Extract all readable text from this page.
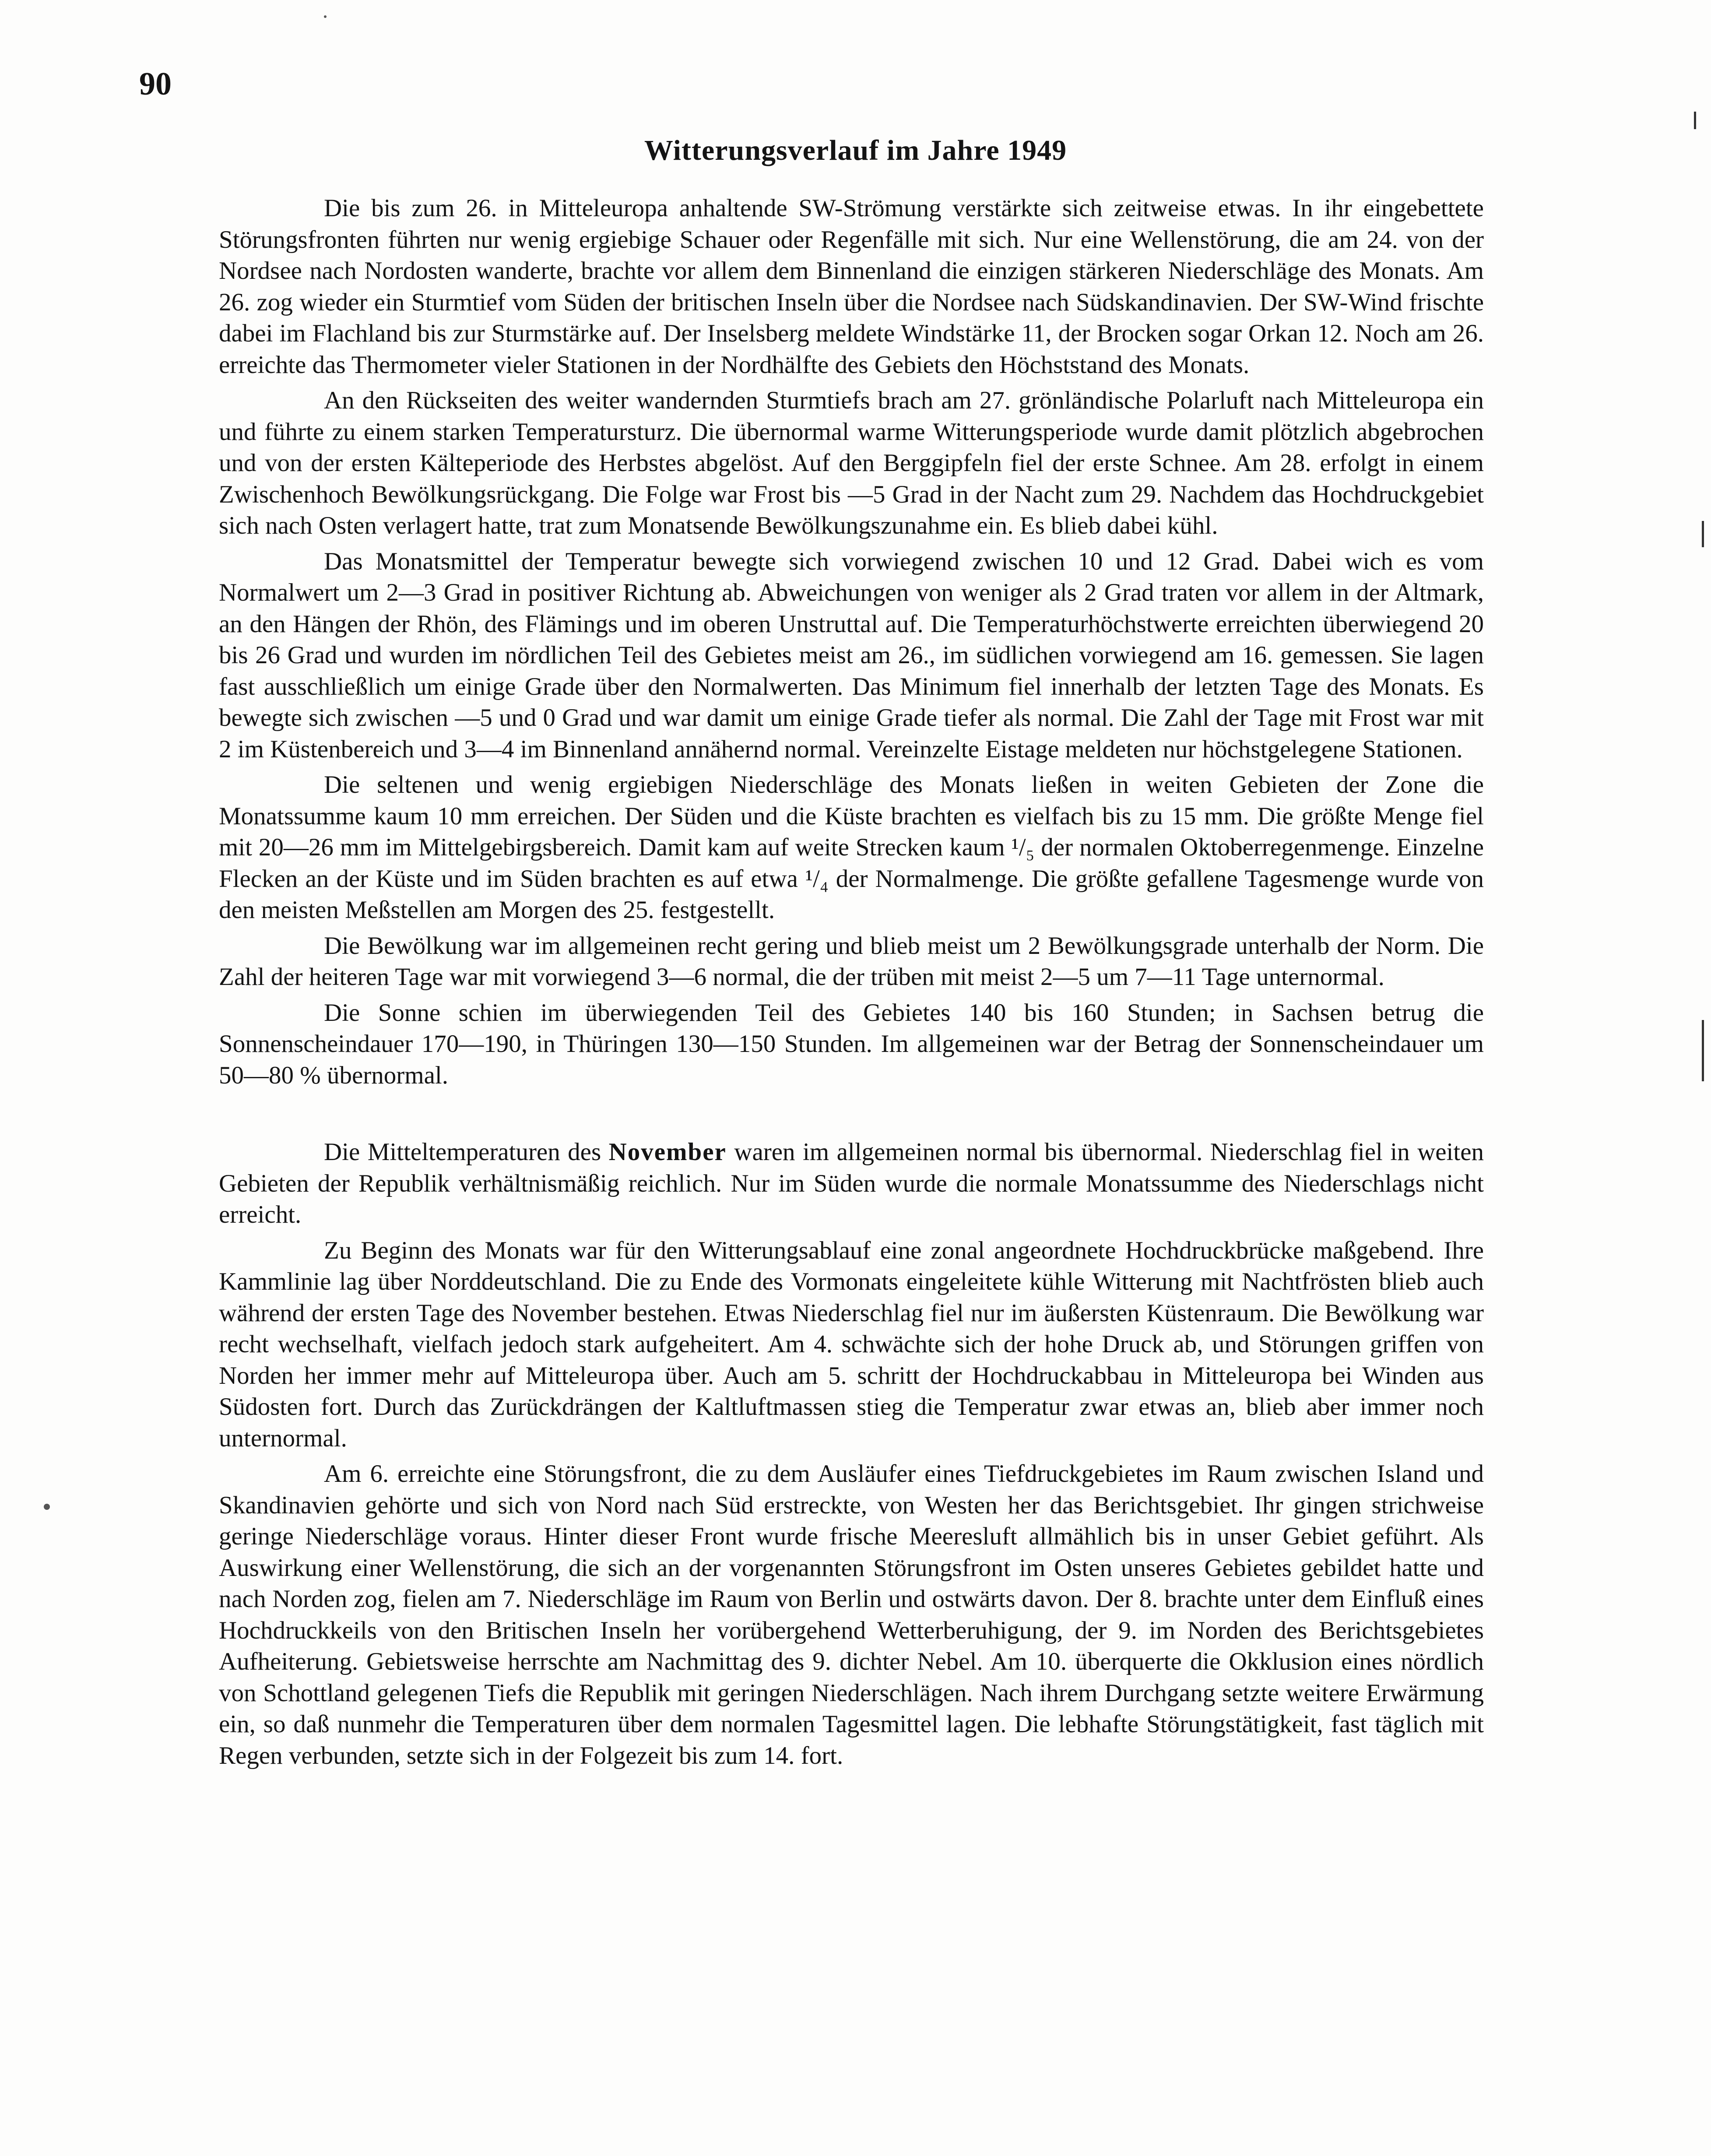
90
Witterungsverlauf im Jahre 1949

Die bis zum 26. in Mitteleuropa anhaltende SW-Strömung verstärkte sich zeitweise etwas. In ihr eingebettete Störungsfronten führten nur wenig ergiebige Schauer oder Regenfälle mit sich. Nur eine Wellenstörung, die am 24. von der Nordsee nach Nordosten wanderte, brachte vor allem dem Binnenland die einzigen stärkeren Niederschläge des Monats. Am 26. zog wieder ein Sturmtief vom Süden der britischen Inseln über die Nordsee nach Südskandinavien. Der SW-Wind frischte dabei im Flachland bis zur Sturmstärke auf. Der Inselsberg meldete Windstärke 11, der Brocken sogar Orkan 12. Noch am 26. erreichte das Thermometer vieler Stationen in der Nordhälfte des Gebiets den Höchststand des Monats.

An den Rückseiten des weiter wandernden Sturmtiefs brach am 27. grönländische Polarluft nach Mitteleuropa ein und führte zu einem starken Temperatursturz. Die übernormal warme Witterungsperiode wurde damit plötzlich abgebrochen und von der ersten Kälteperiode des Herbstes abgelöst. Auf den Berggipfeln fiel der erste Schnee. Am 28. erfolgt in einem Zwischenhoch Bewölkungsrückgang. Die Folge war Frost bis —5 Grad in der Nacht zum 29. Nachdem das Hochdruckgebiet sich nach Osten verlagert hatte, trat zum Monatsende Bewölkungszunahme ein. Es blieb dabei kühl.

Das Monatsmittel der Temperatur bewegte sich vorwiegend zwischen 10 und 12 Grad. Dabei wich es vom Normalwert um 2—3 Grad in positiver Richtung ab. Abweichungen von weniger als 2 Grad traten vor allem in der Altmark, an den Hängen der Rhön, des Flämings und im oberen Unstruttal auf. Die Temperaturhöchstwerte erreichten überwiegend 20 bis 26 Grad und wurden im nördlichen Teil des Gebietes meist am 26., im südlichen vorwiegend am 16. gemessen. Sie lagen fast ausschließlich um einige Grade über den Normalwerten. Das Minimum fiel innerhalb der letzten Tage des Monats. Es bewegte sich zwischen —5 und 0 Grad und war damit um einige Grade tiefer als normal. Die Zahl der Tage mit Frost war mit 2 im Küstenbereich und 3—4 im Binnenland annähernd normal. Vereinzelte Eistage meldeten nur höchstgelegene Stationen.

Die seltenen und wenig ergiebigen Niederschläge des Monats ließen in weiten Gebieten der Zone die Monatssumme kaum 10 mm erreichen. Der Süden und die Küste brachten es vielfach bis zu 15 mm. Die größte Menge fiel mit 20—26 mm im Mittelgebirgsbereich. Damit kam auf weite Strecken kaum ¹/₅ der normalen Oktoberregenmenge. Einzelne Flecken an der Küste und im Süden brachten es auf etwa ¹/₄ der Normalmenge. Die größte gefallene Tagesmenge wurde von den meisten Meßstellen am Morgen des 25. festgestellt.

Die Bewölkung war im allgemeinen recht gering und blieb meist um 2 Bewölkungsgrade unterhalb der Norm. Die Zahl der heiteren Tage war mit vorwiegend 3—6 normal, die der trüben mit meist 2—5 um 7—11 Tage unternormal.

Die Sonne schien im überwiegenden Teil des Gebietes 140 bis 160 Stunden; in Sachsen betrug die Sonnenscheindauer 170—190, in Thüringen 130—150 Stunden. Im allgemeinen war der Betrag der Sonnenscheindauer um 50—80 % übernormal.

Die Mitteltemperaturen des November waren im allgemeinen normal bis übernormal. Niederschlag fiel in weiten Gebieten der Republik verhältnismäßig reichlich. Nur im Süden wurde die normale Monatssumme des Niederschlags nicht erreicht.

Zu Beginn des Monats war für den Witterungsablauf eine zonal angeordnete Hochdruckbrücke maßgebend. Ihre Kammlinie lag über Norddeutschland. Die zu Ende des Vormonats eingeleitete kühle Witterung mit Nachtfrösten blieb auch während der ersten Tage des November bestehen. Etwas Niederschlag fiel nur im äußersten Küstenraum. Die Bewölkung war recht wechselhaft, vielfach jedoch stark aufgeheitert. Am 4. schwächte sich der hohe Druck ab, und Störungen griffen von Norden her immer mehr auf Mitteleuropa über. Auch am 5. schritt der Hochdruckabbau in Mitteleuropa bei Winden aus Südosten fort. Durch das Zurückdrängen der Kaltluftmassen stieg die Temperatur zwar etwas an, blieb aber immer noch unternormal.

Am 6. erreichte eine Störungsfront, die zu dem Ausläufer eines Tiefdruckgebietes im Raum zwischen Island und Skandinavien gehörte und sich von Nord nach Süd erstreckte, von Westen her das Berichtsgebiet. Ihr gingen strichweise geringe Niederschläge voraus. Hinter dieser Front wurde frische Meeresluft allmählich bis in unser Gebiet geführt. Als Auswirkung einer Wellenstörung, die sich an der vorgenannten Störungsfront im Osten unseres Gebietes gebildet hatte und nach Norden zog, fielen am 7. Niederschläge im Raum von Berlin und ostwärts davon. Der 8. brachte unter dem Einfluß eines Hochdruckkeils von den Britischen Inseln her vorübergehend Wetterberuhigung, der 9. im Norden des Berichtsgebietes Aufheiterung. Gebietsweise herrschte am Nachmittag des 9. dichter Nebel. Am 10. überquerte die Okklusion eines nördlich von Schottland gelegenen Tiefs die Republik mit geringen Niederschlägen. Nach ihrem Durchgang setzte weitere Erwärmung ein, so daß nunmehr die Temperaturen über dem normalen Tagesmittel lagen. Die lebhafte Störungstätigkeit, fast täglich mit Regen verbunden, setzte sich in der Folgezeit bis zum 14. fort.
